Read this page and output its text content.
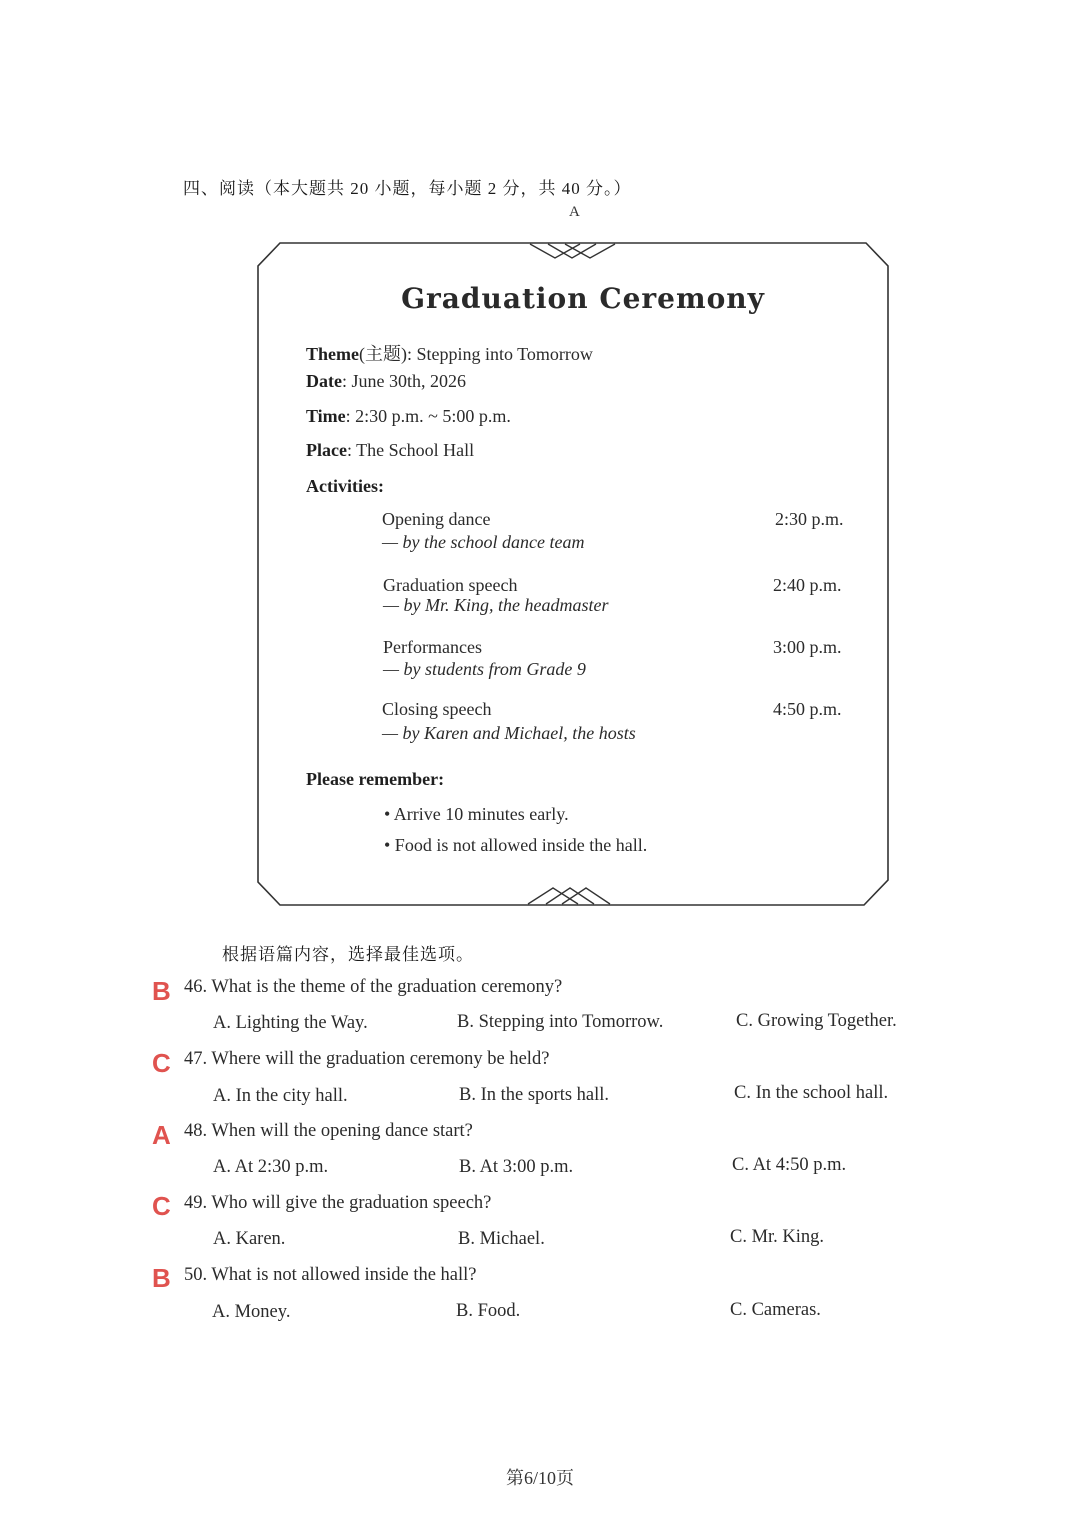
四、阅读（本大题共 20 小题，每小题 2 分，共 40 分。）
A
Graduation Ceremony
Theme(主题): Stepping into Tomorrow
Date: June 30th, 2026
Time: 2:30 p.m. ~ 5:00 p.m.
Place: The School Hall
Activities:
Opening dance
— by the school dance team
2:30 p.m.
Graduation speech
— by Mr. King, the headmaster
2:40 p.m.
Performances
— by students from Grade 9
3:00 p.m.
Closing speech
— by Karen and Michael, the hosts
4:50 p.m.
Please remember:
• Arrive 10 minutes early.
• Food is not allowed inside the hall.
根据语篇内容，选择最佳选项。
B 46. What is the theme of the graduation ceremony?
A. Lighting the Way.	B. Stepping into Tomorrow.	C. Growing Together.
C 47. Where will the graduation ceremony be held?
A. In the city hall.	B. In the sports hall.	C. In the school hall.
A 48. When will the opening dance start?
A. At 2:30 p.m.	B. At 3:00 p.m.	C. At 4:50 p.m.
C 49. Who will give the graduation speech?
A. Karen.	B. Michael.	C. Mr. King.
B 50. What is not allowed inside the hall?
A. Money.	B. Food.	C. Cameras.
第6/10页
